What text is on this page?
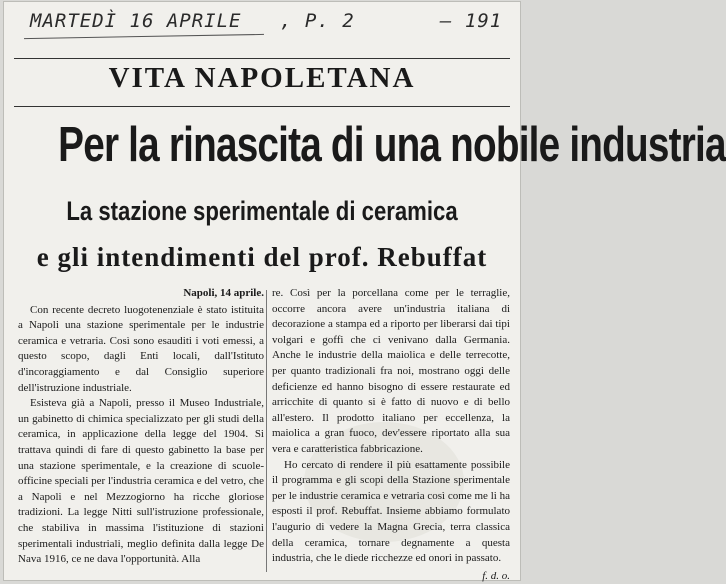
MARTEDÌ 16 APRILE , P. 2	— 191
VITA NAPOLETANA
Per la rinascita di una nobile industria
La stazione sperimentale di ceramica
e gli intendimenti del prof. Rebuffat
Napoli, 14 aprile.

Con recente decreto luogotenenziale è stato istituita a Napoli una stazione sperimentale per le industrie ceramica e vetraria. Così sono esauditi i voti emessi, a questo scopo, dagli Enti locali, dall'Istituto d'incoraggiamento e dal Consiglio superiore dell'istruzione industriale.

Esisteva già a Napoli, presso il Museo Industriale, un gabinetto di chimica specializzato per gli studi della ceramica, in applicazione della legge del 1904. Si trattava quindi di fare di questo gabinetto la base per una stazione sperimentale, e la creazione di scuole-officine speciali per l'industria ceramica e del vetro, che a Napoli e nel Mezzogiorno ha ricche gloriose tradizioni. La legge Nitti sull'istruzione professionale, che stabiliva in massima l'istituzione di stazioni sperimentali industriali, meglio definita dalla legge De Nava 1916, ce ne dava l'opportunità. Alla

re. Così per la porcellana come per le terraglie, occorre ancora avere un'industria italiana di decorazione a stampa ed a riporto per liberarsi dai tipi volgari e goffi che ci venivano dalla Germania. Anche le industrie della maiolica e delle terrecotte, per quanto tradizionali fra noi, mostrano oggi delle deficienze ed hanno bisogno di essere restaurate ed arricchite di quanto si è fatto di nuovo e di bello all'estero. Il prodotto italiano per eccellenza, la maiolica a gran fuoco, dev'essere riportato alla sua vera e caratteristica fabbricazione.

Ho cercato di rendere il più esattamente possibile il programma e gli scopi della Stazione sperimentale per le industrie ceramica e vetraria così come me li ha esposti il prof. Rebuffat. Insieme abbiamo formulato l'augurio di vedere la Magna Grecia, terra classica della ceramica, tornare degnamente a questa industria, che le diede ricchezze ed onori in passato.

f. d. o.
